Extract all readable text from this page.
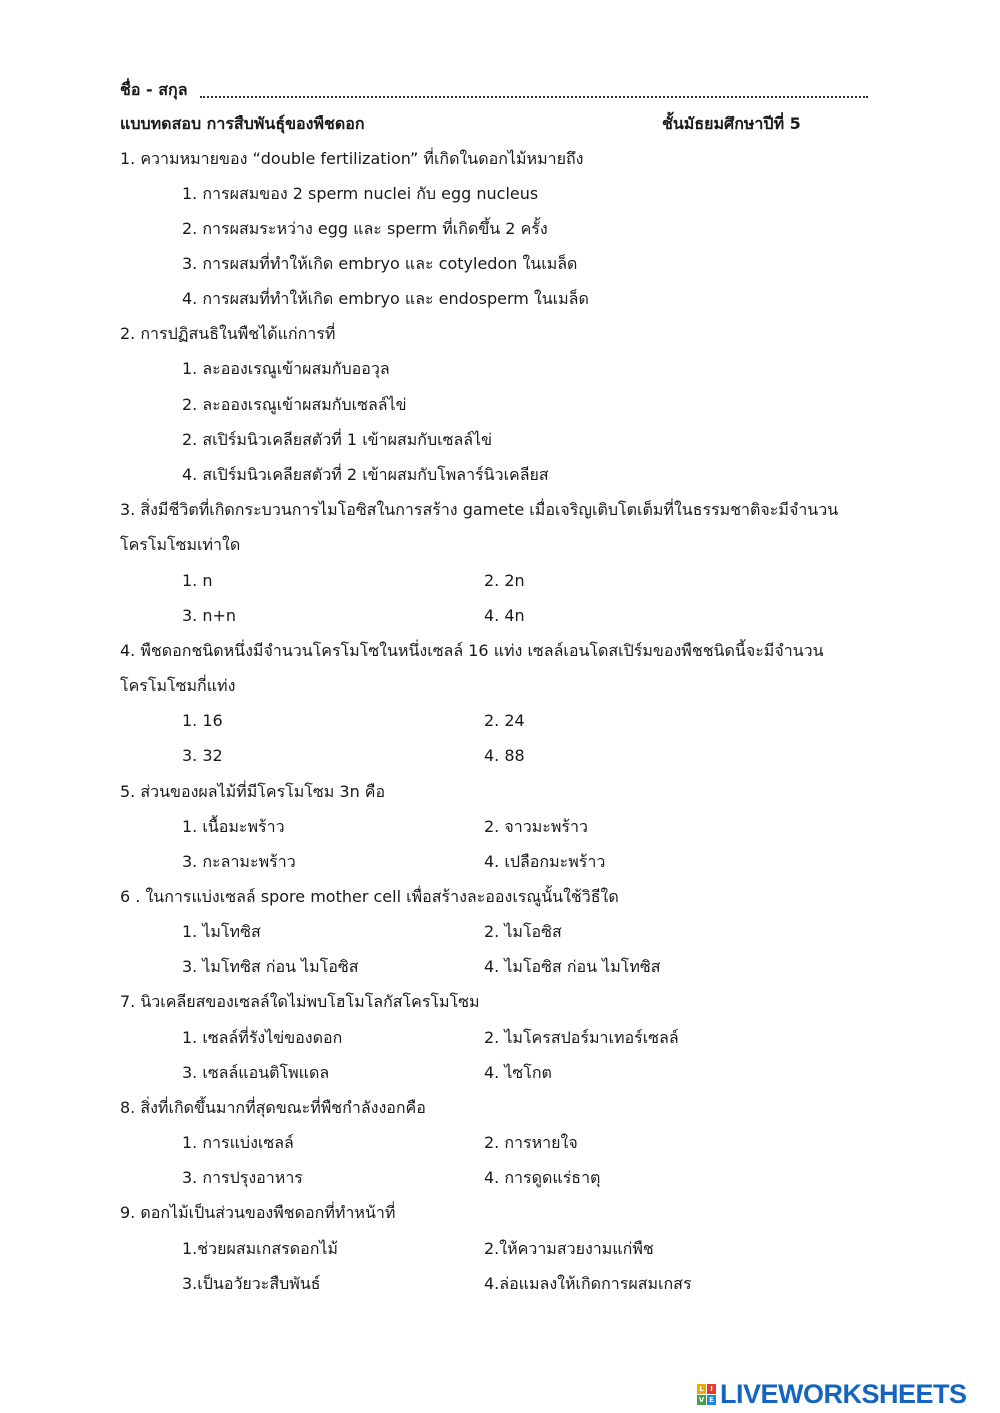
ชื่อ - สกุล
แบบทดสอบ การสืบพันธุ์ของพืชดอก	ชั้นมัธยมศึกษาปีที่ 5
1. ความหมายของ “double fertilization” ที่เกิดในดอกไม้หมายถึง
1. การผสมของ 2 sperm nuclei กับ egg nucleus
2. การผสมระหว่าง egg และ sperm ที่เกิดขึ้น 2 ครั้ง
3. การผสมที่ทำให้เกิด embryo และ cotyledon ในเมล็ด
4. การผสมที่ทำให้เกิด embryo และ endosperm ในเมล็ด
2. การปฏิสนธิในพืชได้แก่การที่
1. ละอองเรณูเข้าผสมกับออวุล
2. ละอองเรณูเข้าผสมกับเซลล์ไข่
2. สเปิร์มนิวเคลียสตัวที่ 1 เข้าผสมกับเซลล์ไข่
4. สเปิร์มนิวเคลียสตัวที่ 2 เข้าผสมกับโพลาร์นิวเคลียส
3. สิ่งมีชีวิตที่เกิดกระบวนการไมโอซิสในการสร้าง gamete เมื่อเจริญเติบโตเต็มที่ในธรรมชาติจะมีจำนวน
โครโมโซมเท่าใด
1. n	2. 2n
3. n+n	4. 4n
4. พืชดอกชนิดหนึ่งมีจำนวนโครโมโซในหนึ่งเซลล์ 16 แท่ง เซลล์เอนโดสเปิร์มของพืชชนิดนี้จะมีจำนวน
โครโมโซมกี่แท่ง
1. 16	2. 24
3. 32	4. 88
5. ส่วนของผลไม้ที่มีโครโมโซม 3n คือ
1. เนื้อมะพร้าว	2. จาวมะพร้าว
3. กะลามะพร้าว	4. เปลือกมะพร้าว
6 . ในการแบ่งเซลล์ spore mother cell เพื่อสร้างละอองเรณูนั้นใช้วิธีใด
1. ไมโทซิส	2. ไมโอซิส
3. ไมโทซิส ก่อน ไมโอซิส	4. ไมโอซิส ก่อน ไมโทซิส
7. นิวเคลียสของเซลล์ใดไม่พบโฮโมโลกัสโครโมโซม
1. เซลล์ที่รังไข่ของดอก	2. ไมโครสปอร์มาเทอร์เซลล์
3. เซลล์แอนติโพแดล	4. ไซโกต
8. สิ่งที่เกิดขึ้นมากที่สุดขณะที่พืชกำลังงอกคือ
1. การแบ่งเซลล์	2. การหายใจ
3. การปรุงอาหาร	4. การดูดแร่ธาตุ
9. ดอกไม้เป็นส่วนของพืชดอกที่ทำหน้าที่
1.ช่วยผสมเกสรดอกไม้	2.ให้ความสวยงามแก่พืช
3.เป็นอวัยวะสืบพันธ์	4.ล่อแมลงให้เกิดการผสมเกสร
L I
V E LIVEWORKSHEETS
